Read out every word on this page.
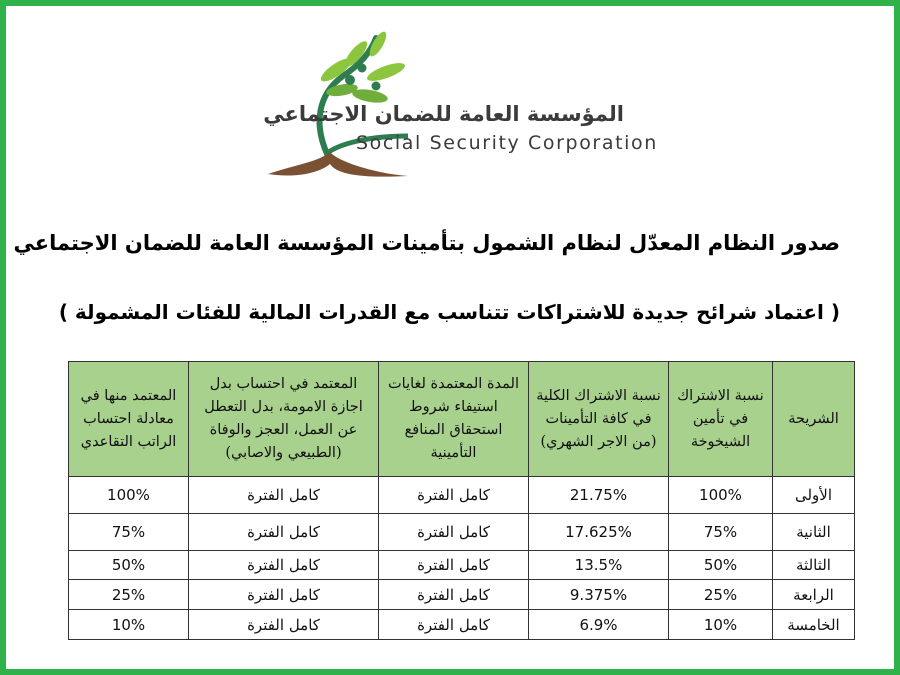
المؤسسة العامة للضمان الاجتماعي
Social Security Corporation
صدور النظام المعدّل لنظام الشمول بتأمينات المؤسسة العامة للضمان الاجتماعي
( اعتماد شرائح جديدة للاشتراكات تتناسب مع القدرات المالية للفئات المشمولة )
الشريحة	نسبة الاشتراك في تأمين الشيخوخة	نسبة الاشتراك الكلية في كافة التأمينات (من الاجر الشهري)	المدة المعتمدة لغايات استيفاء شروط استحقاق المنافع التأمينية	المعتمد في احتساب بدل اجازة الامومة، بدل التعطل عن العمل، العجز والوفاة (الطبيعي والاصابي)	المعتمد منها في معادلة احتساب الراتب التقاعدي
الأولى	100%	21.75%	كامل الفترة	كامل الفترة	100%
الثانية	75%	17.625%	كامل الفترة	كامل الفترة	75%
الثالثة	50%	13.5%	كامل الفترة	كامل الفترة	50%
الرابعة	25%	9.375%	كامل الفترة	كامل الفترة	25%
الخامسة	10%	6.9%	كامل الفترة	كامل الفترة	10%
